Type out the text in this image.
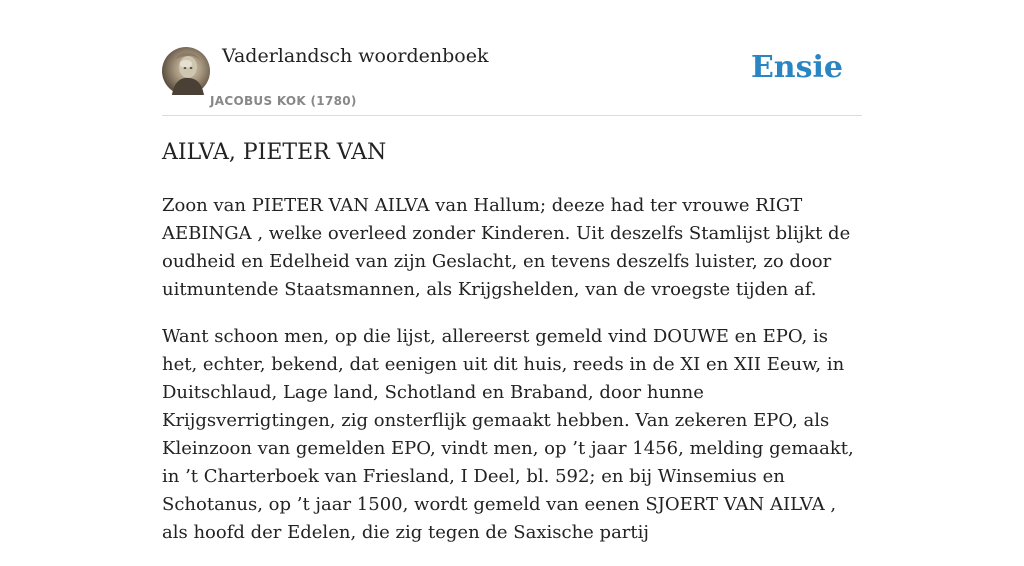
Vaderlandsch woordenboek
JACOBUS KOK (1780)
Ensie
AILVA, PIETER VAN

Zoon van PIETER VAN AILVA van Hallum; deeze had ter vrouwe RIGT AEBINGA , welke overleed zonder Kinderen. Uit deszelfs Stamlijst blijkt de oudheid en Edelheid van zijn Geslacht, en tevens deszelfs luister, zo door uitmuntende Staatsmannen, als Krijgshelden, van de vroegste tijden af.

Want schoon men, op die lijst, allereerst gemeld vind DOUWE en EPO, is het, echter, bekend, dat eenigen uit dit huis, reeds in de XI en XII Eeuw, in Duitschlaud, Lage land, Schotland en Braband, door hunne Krijgsverrigtingen, zig onsterflijk gemaakt hebben. Van zekeren EPO, als Kleinzoon van gemelden EPO, vindt men, op ’t jaar 1456, melding gemaakt, in ’t Charterboek van Friesland, I Deel, bl. 592; en bij Winsemius en Schotanus, op ’t jaar 1500, wordt gemeld van eenen SJOERT VAN AILVA , als hoofd der Edelen, die zig tegen de Saxische partij
